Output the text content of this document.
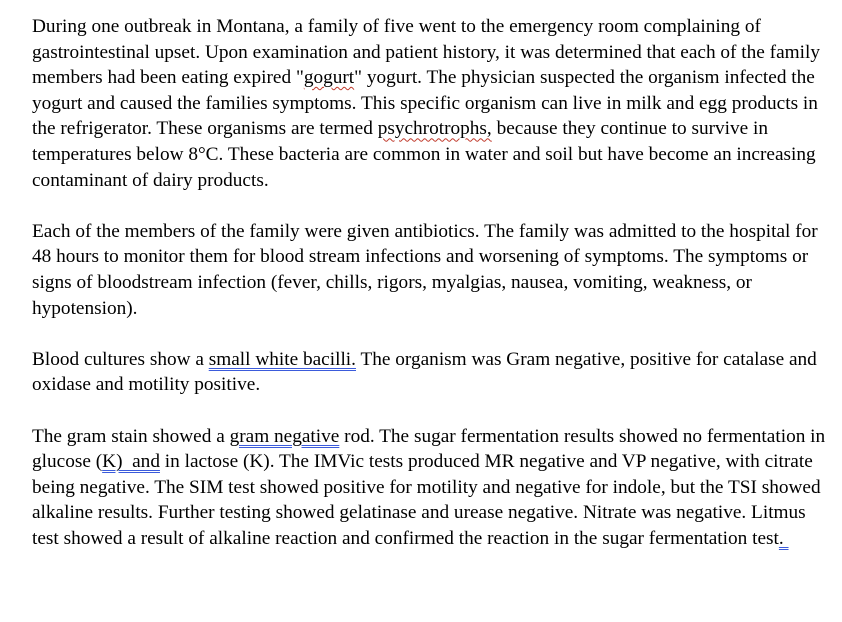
During one outbreak in Montana, a family of five went to the emergency room complaining of gastrointestinal upset. Upon examination and patient history, it was determined that each of the family members had been eating expired "gogurt" yogurt. The physician suspected the organism infected the yogurt and caused the families symptoms. This specific organism can live in milk and egg products in the refrigerator. These organisms are termed psychrotrophs, because they continue to survive in temperatures below 8°C. These bacteria are common in water and soil but have become an increasing contaminant of dairy products.

Each of the members of the family were given antibiotics. The family was admitted to the hospital for 48 hours to monitor them for blood stream infections and worsening of symptoms. The symptoms or signs of bloodstream infection (fever, chills, rigors, myalgias, nausea, vomiting, weakness, or hypotension).

Blood cultures show a small white bacilli. The organism was Gram negative, positive for catalase and oxidase and motility positive.

The gram stain showed a gram negative rod. The sugar fermentation results showed no fermentation in glucose (K)  and in lactose (K). The IMVic tests produced MR negative and VP negative, with citrate being negative. The SIM test showed positive for motility and negative for indole, but the TSI showed alkaline results. Further testing showed gelatinase and urease negative. Nitrate was negative. Litmus test showed a result of alkaline reaction and confirmed the reaction in the sugar fermentation test.
